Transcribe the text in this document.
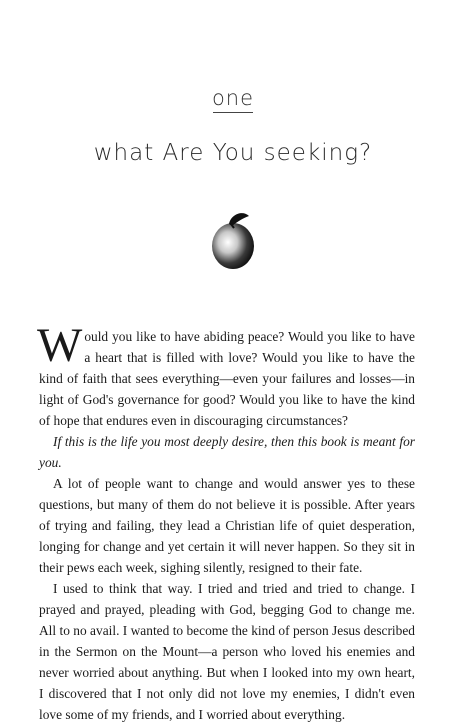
one
what Are You seeking?

Would you like to have abiding peace? Would you like to have a heart that is filled with love? Would you like to have the kind of faith that sees everything—even your failures and losses—in light of God's governance for good? Would you like to have the kind of hope that endures even in discouraging circumstances?

If this is the life you most deeply desire, then this book is meant for you.

A lot of people want to change and would answer yes to these questions, but many of them do not believe it is possible. After years of trying and failing, they lead a Christian life of quiet desperation, longing for change and yet certain it will never happen. So they sit in their pews each week, sighing silently, resigned to their fate.

I used to think that way. I tried and tried and tried to change. I prayed and prayed, pleading with God, begging God to change me. All to no avail. I wanted to become the kind of person Jesus described in the Sermon on the Mount—a person who loved his enemies and never worried about anything. But when I looked into my own heart, I discovered that I not only did not love my enemies, I didn't even love some of my friends, and I worried about everything.
